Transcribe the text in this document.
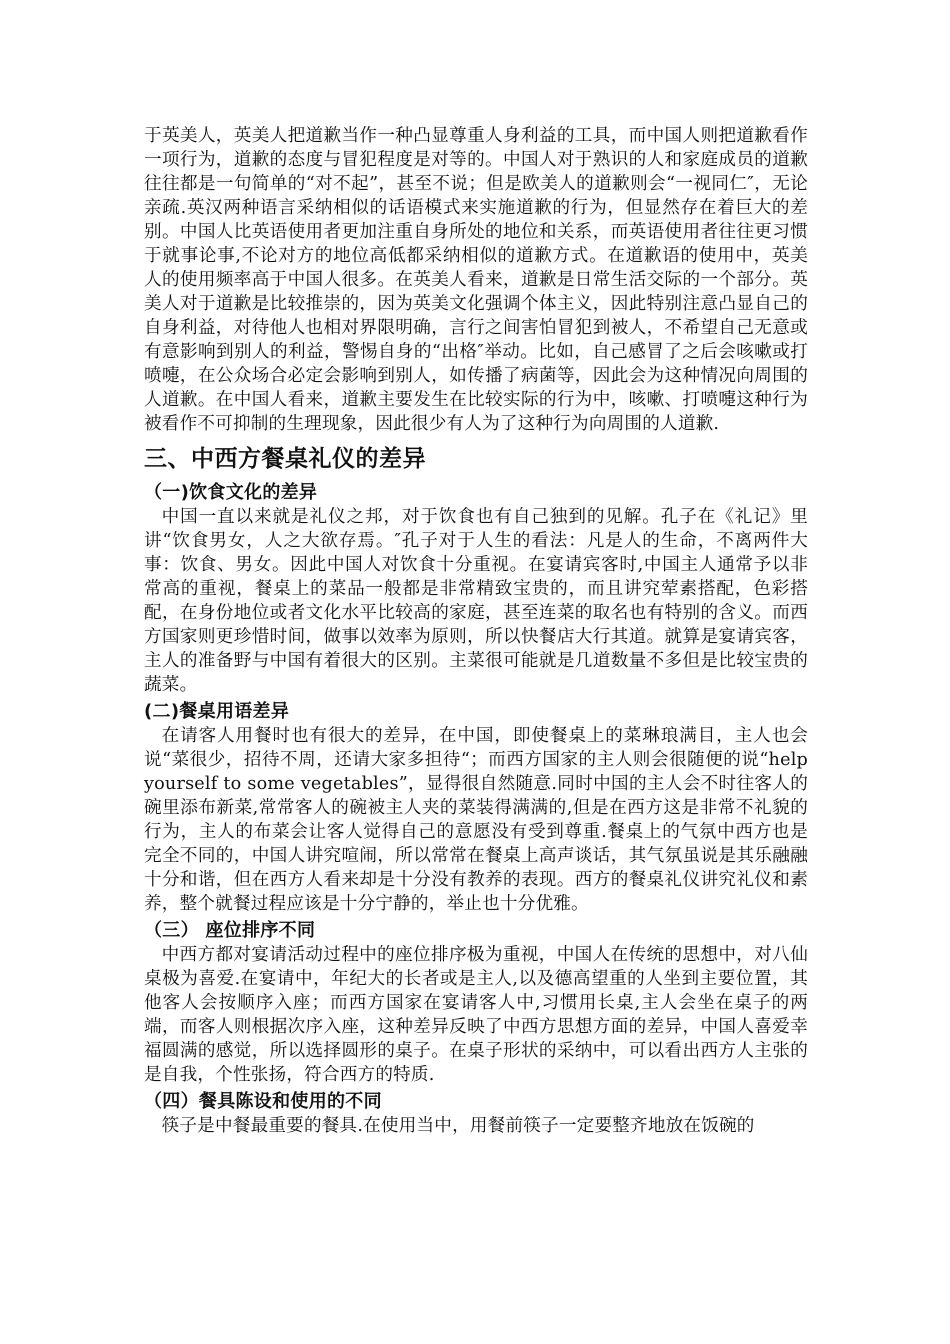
于英美人，英美人把道歉当作一种凸显尊重人身利益的工具，而中国人则把道歉看作一项行为，道歉的态度与冒犯程度是对等的。中国人对于熟识的人和家庭成员的道歉往往都是一句简单的“对不起”，甚至不说；但是欧美人的道歉则会“一视同仁″，无论亲疏.英汉两种语言采纳相似的话语模式来实施道歉的行为，但显然存在着巨大的差别。中国人比英语使用者更加注重自身所处的地位和关系，而英语使用者往往更习惯于就事论事,不论对方的地位高低都采纳相似的道歉方式。在道歉语的使用中，英美人的使用频率高于中国人很多。在英美人看来，道歉是日常生活交际的一个部分。英美人对于道歉是比较推崇的，因为英美文化强调个体主义，因此特别注意凸显自己的自身利益，对待他人也相对界限明确，言行之间害怕冒犯到被人，不希望自己无意或有意影响到别人的利益，警惕自身的“出格″举动。比如，自己感冒了之后会咳嗽或打喷嚏，在公众场合必定会影响到别人，如传播了病菌等，因此会为这种情况向周围的人道歉。在中国人看来，道歉主要发生在比较实际的行为中，咳嗽、打喷嚏这种行为被看作不可抑制的生理现象，因此很少有人为了这种行为向周围的人道歉.

三、中西方餐桌礼仪的差异
（一)饮食文化的差异

中国一直以来就是礼仪之邦，对于饮食也有自己独到的见解。孔子在《礼记》里讲“饮食男女，人之大欲存焉。″孔子对于人生的看法：凡是人的生命，不离两件大事：饮食、男女。因此中国人对饮食十分重视。在宴请宾客时,中国主人通常予以非常高的重视，餐桌上的菜品一般都是非常精致宝贵的，而且讲究荤素搭配，色彩搭配，在身份地位或者文化水平比较高的家庭，甚至连菜的取名也有特别的含义。而西方国家则更珍惜时间，做事以效率为原则，所以快餐店大行其道。就算是宴请宾客，主人的准备野与中国有着很大的区别。主菜很可能就是几道数量不多但是比较宝贵的蔬菜。

(二)餐桌用语差异

在请客人用餐时也有很大的差异，在中国，即使餐桌上的菜琳琅满目，主人也会说“菜很少，招待不周，还请大家多担待“；而西方国家的主人则会很随便的说“help yourself to some vegetables”，显得很自然随意.同时中国的主人会不时往客人的碗里添布新菜,常常客人的碗被主人夹的菜装得满满的,但是在西方这是非常不礼貌的行为，主人的布菜会让客人觉得自己的意愿没有受到尊重.餐桌上的气氛中西方也是完全不同的，中国人讲究喧闹，所以常常在餐桌上高声谈话，其气氛虽说是其乐融融十分和谐，但在西方人看来却是十分没有教养的表现。西方的餐桌礼仪讲究礼仪和素养，整个就餐过程应该是十分宁静的，举止也十分优雅。

（三） 座位排序不同

中西方都对宴请活动过程中的座位排序极为重视，中国人在传统的思想中，对八仙桌极为喜爱.在宴请中，年纪大的长者或是主人,以及德高望重的人坐到主要位置，其他客人会按顺序入座；而西方国家在宴请客人中,习惯用长桌,主人会坐在桌子的两端，而客人则根据次序入座，这种差异反映了中西方思想方面的差异，中国人喜爱幸福圆满的感觉，所以选择圆形的桌子。在桌子形状的采纳中，可以看出西方人主张的是自我，个性张扬，符合西方的特质.

（四）餐具陈设和使用的不同

筷子是中餐最重要的餐具.在使用当中，用餐前筷子一定要整齐地放在饭碗的
